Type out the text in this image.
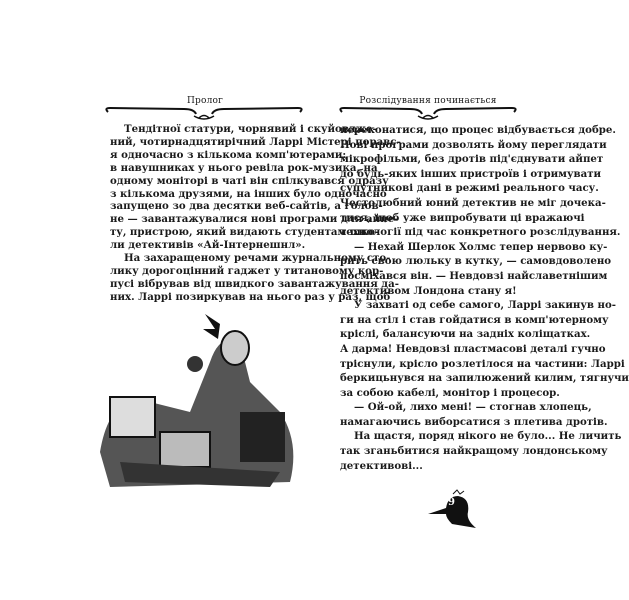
Пролог
Тендітної статури, чорнявий і скуйовдже-
ний, чотирнадцятирічний Ларрі Містері поравс-
я одночасно з кількома комп'ютерами:
в навушниках у нього ревіла рок-музика, на
одному моніторі в чаті він спілкувався одразу
з кількома друзями, на інших було одночасно
запущено зо два десятки веб-сайтів, а голов-
не — завантажувалися нові програми для айпе-
ту, пристрою, який видають студентам шко-
ли детективів «Ай-Інтернешнл».
На захаращеному речами журнальному сто-
лику дорогоцінний гаджет у титановому кор-
пусі вібрував від швидкого завантажування да-
них. Ларрі позиркував на нього раз у раз, щоб
Розслідування починається
переконатися, що процес відбувається добре.
Нові програми дозволять йому переглядати
мікрофільми, без дротів під'єднувати айпет
до будь-яких інших пристроїв і отримувати
супутникові дані в режимі реального часу.
Честолюбний юний детектив не міг дочека-
тися, щоб уже випробувати ці вражаючі
технології під час конкретного розслідування.
— Нехай Шерлок Холмс тепер нервово ку-
рить свою люльку в кутку, — самовдоволено
посміхався він. — Невдовзі найславетнішим
детективом Лондона стану я!
У захваті од себе самого, Ларрі закинув но-
ги на стіл і став гойдатися в комп'ютерному
кріслі, балансуючи на задніх коліщатках.
А дарма! Невдовзі пластмасові деталі гучно
тріснули, крісло розлетілося на частини: Ларрі
беркицьнувся на запилюжений килим, тягнучи
за собою кабелі, монітор і процесор.
— Ой-ой, лихо мені! — стогнав хлопець,
намагаючись виборсатися з плетива дротів.
На щастя, поряд нікого не було... Не личить
так зганьбитися найкращому лондонському
детективові...
9
